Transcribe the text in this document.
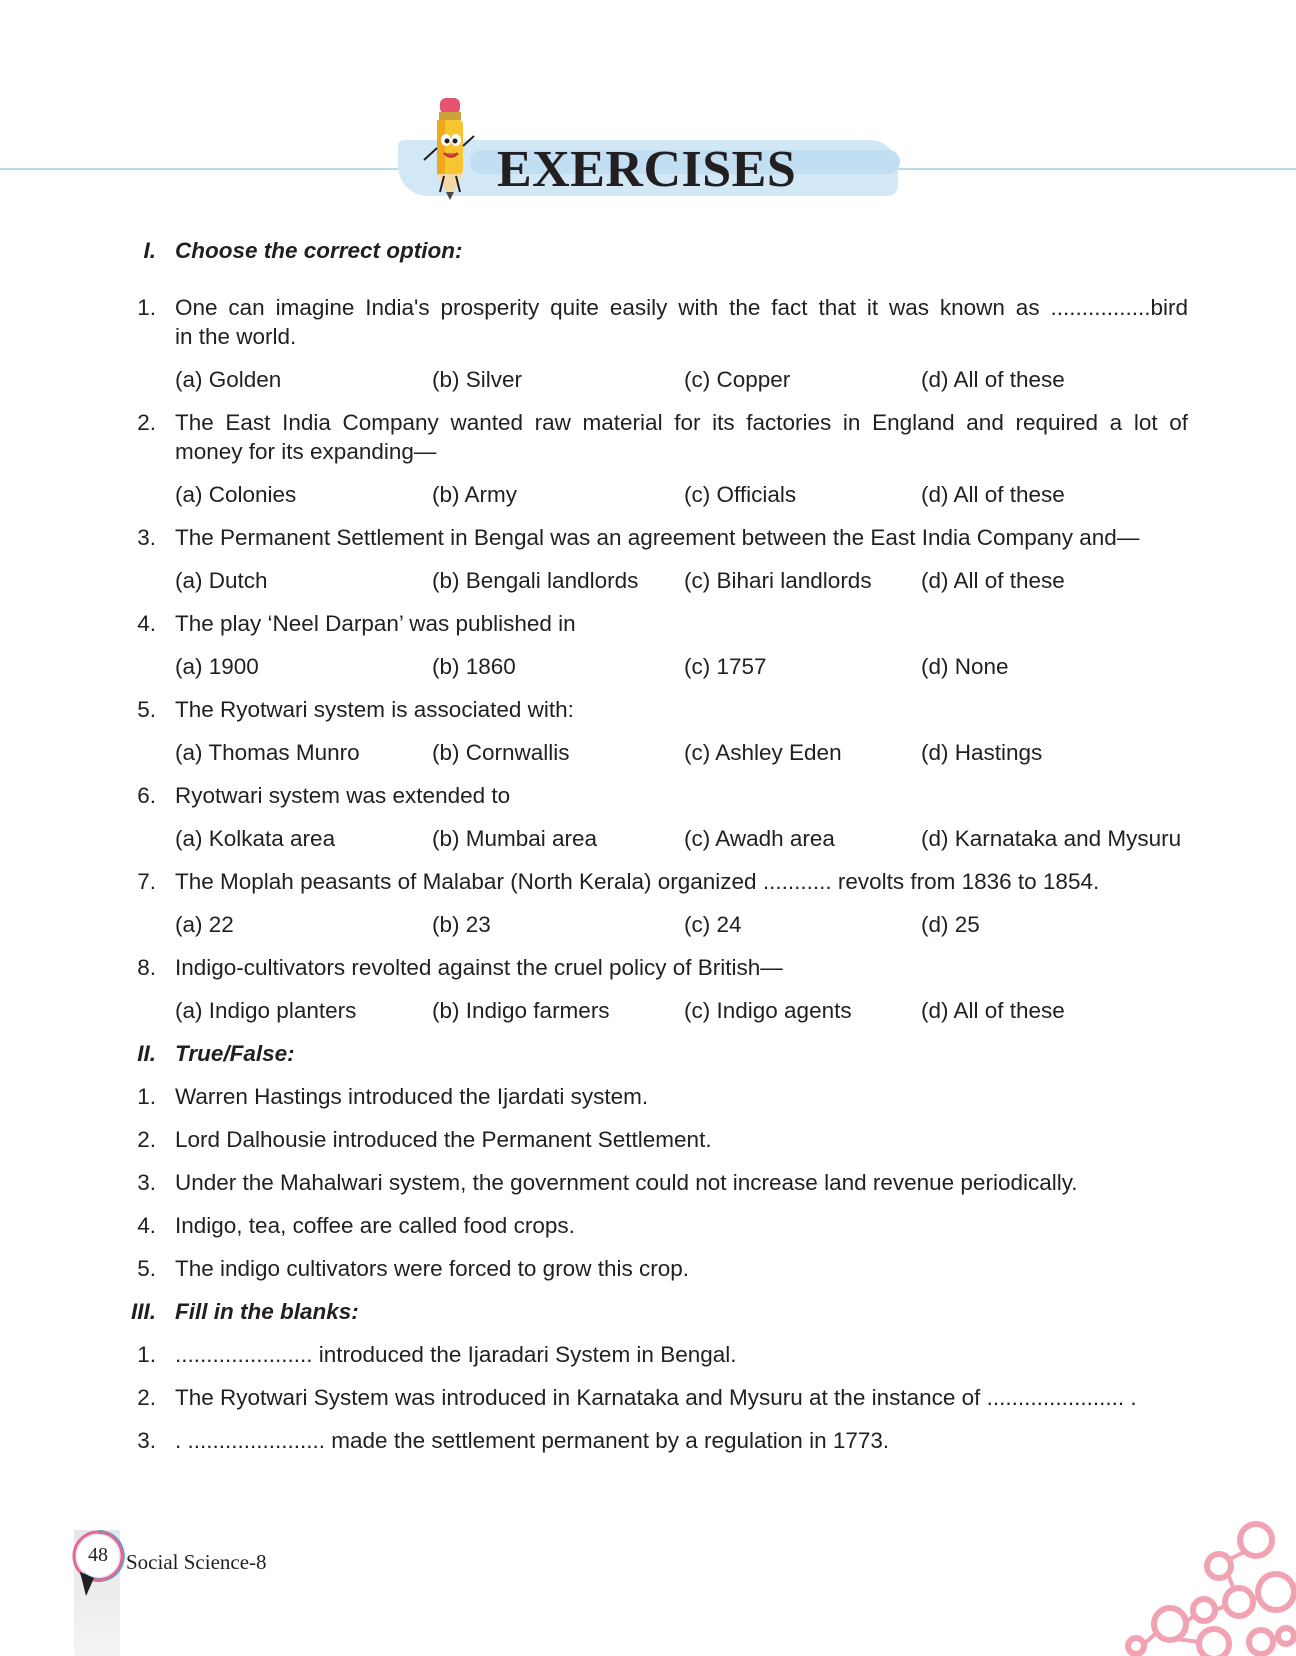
EXERCISES
I. Choose the correct option:
1. One can imagine India's prosperity quite easily with the fact that it was known as ................bird
in the world.
(a) Golden	(b) Silver	(c) Copper	(d) All of these
2. The East India Company wanted raw material for its factories in England and required a lot of
money for its expanding—
(a) Colonies	(b) Army	(c) Officials	(d) All of these
3. The Permanent Settlement in Bengal was an agreement between the East India Company and—
(a) Dutch	(b) Bengali landlords (c) Bihari landlords (d) All of these
4. The play ‘Neel Darpan’ was published in
(a) 1900	(b) 1860	(c) 1757	(d) None
5. The Ryotwari system is associated with:
(a) Thomas Munro	(b) Cornwallis	(c) Ashley Eden	(d) Hastings
6. Ryotwari system was extended to
(a) Kolkata area	(b) Mumbai area	(c) Awadh area	(d) Karnataka and Mysuru
7. The Moplah peasants of Malabar (North Kerala) organized ........... revolts from 1836 to 1854.
(a) 22	(b) 23	(c) 24	(d) 25
8. Indigo-cultivators revolted against the cruel policy of British—
(a) Indigo planters	(b) Indigo farmers	(c) Indigo agents	(d) All of these
II. True/False:
1. Warren Hastings introduced the Ijardati system.
2. Lord Dalhousie introduced the Permanent Settlement.
3. Under the Mahalwari system, the government could not increase land revenue periodically.
4. Indigo, tea, coffee are called food crops.
5. The indigo cultivators were forced to grow this crop.
III. Fill in the blanks:
1. ...................... introduced the Ijaradari System in Bengal.
2. The Ryotwari System was introduced in Karnataka and Mysuru at the instance of ...................... .
3. . ...................... made the settlement permanent by a regulation in 1773.
48 Social Science-8
